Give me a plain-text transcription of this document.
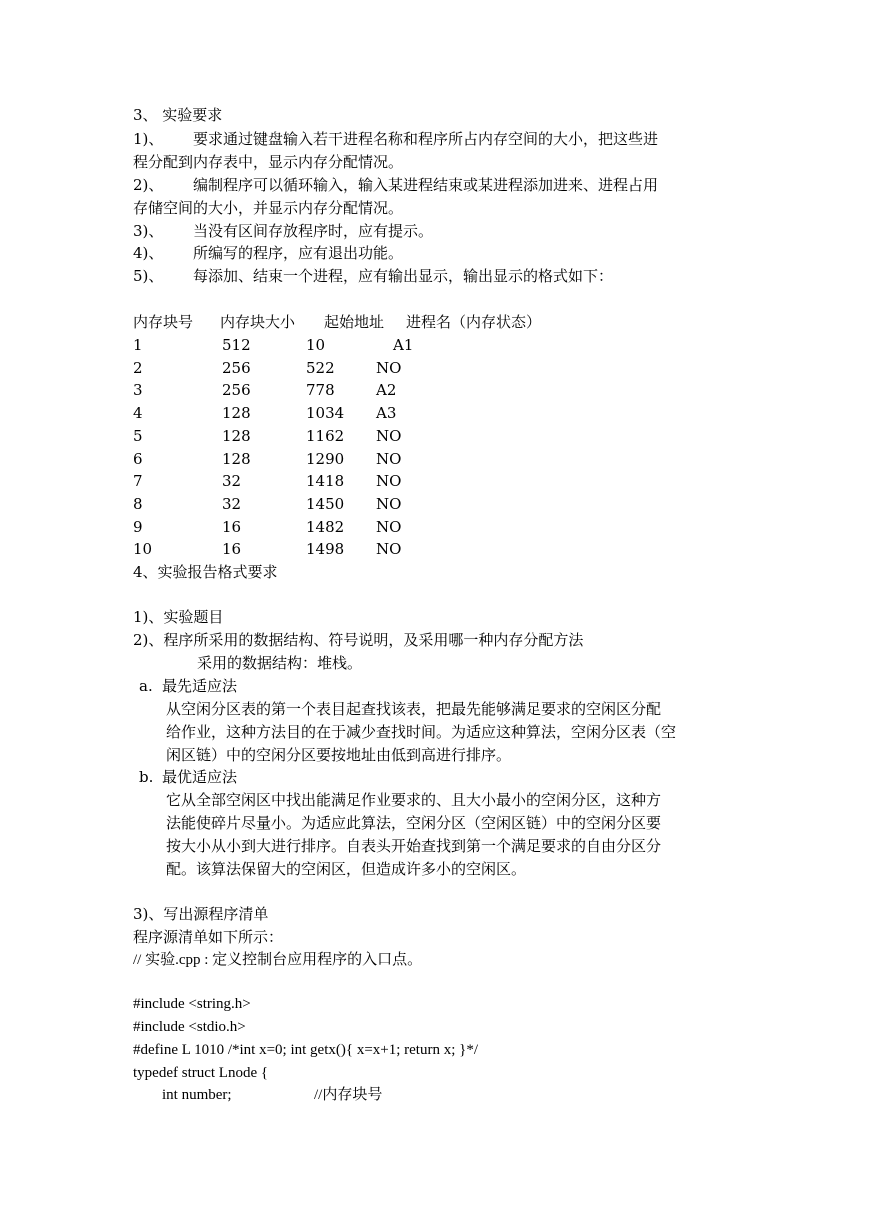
3、 实验要求
1)、 要求通过键盘输入若干进程名称和程序所占内存空间的大小，把这些进
程分配到内存表中，显示内存分配情况。
2)、 编制程序可以循环输入，输入某进程结束或某进程添加进来、进程占用
存储空间的大小，并显示内存分配情况。
3)、 当没有区间存放程序时，应有提示。
4)、 所编写的程序，应有退出功能。
5)、 每添加、结束一个进程，应有输出显示，输出显示的格式如下：
内存块号 内存块大小 起始地址 进程名（内存状态）
1	512	10	A1
2	256	522	NO
3	256	778	A2
4	128	1034 A3
5	128	1162 NO
6	128	1290 NO
7	32	1418 NO
8	32	1450 NO
9	16	1482 NO
10	16	1498 NO
4、实验报告格式要求
1)、实验题目
2)、程序所采用的数据结构、符号说明，及采用哪一种内存分配方法
采用的数据结构：堆栈。
a. 最先适应法
从空闲分区表的第一个表目起查找该表，把最先能够满足要求的空闲区分配
给作业，这种方法目的在于减少查找时间。为适应这种算法，空闲分区表（空
闲区链）中的空闲分区要按地址由低到高进行排序。
b. 最优适应法
它从全部空闲区中找出能满足作业要求的、且大小最小的空闲分区，这种方
法能使碎片尽量小。为适应此算法，空闲分区（空闲区链）中的空闲分区要
按大小从小到大进行排序。自表头开始查找到第一个满足要求的自由分区分
配。该算法保留大的空闲区，但造成许多小的空闲区。
3)、写出源程序清单
程序源清单如下所示：
// 实验.cpp : 定义控制台应用程序的入口点。
#include <string.h>
#include <stdio.h>
#define L 1010 /*int x=0; int getx(){ x=x+1; return x; }*/
typedef struct Lnode {
int number;	//内存块号
